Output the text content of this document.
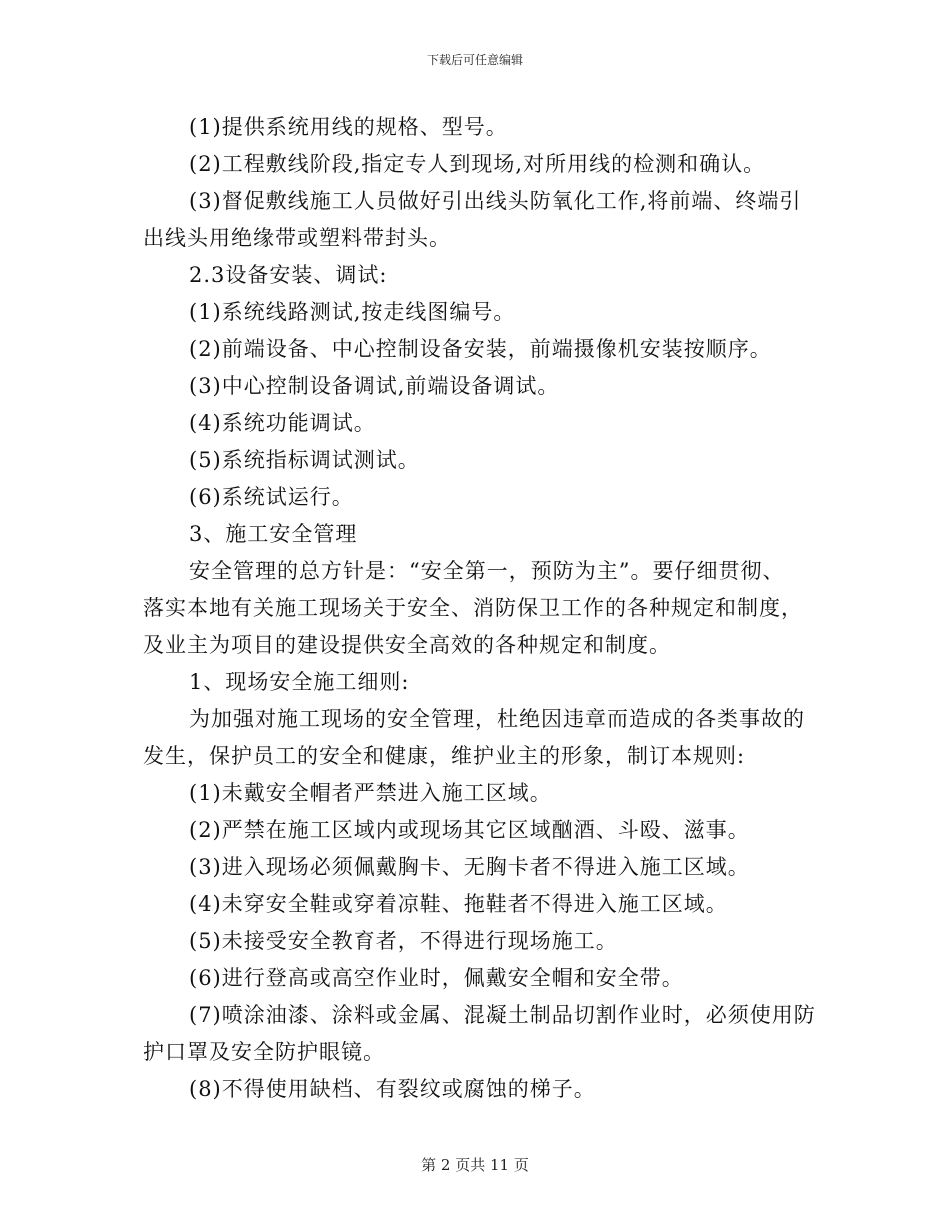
下载后可任意编辑
(1)提供系统用线的规格、型号。
(2)工程敷线阶段,指定专人到现场,对所用线的检测和确认。
(3)督促敷线施工人员做好引出线头防氧化工作,将前端、终端引
出线头用绝缘带或塑料带封头。
2.3设备安装、调试:
(1)系统线路测试,按走线图编号。
(2)前端设备、中心控制设备安装，前端摄像机安装按顺序。
(3)中心控制设备调试,前端设备调试。
(4)系统功能调试。
(5)系统指标调试测试。
(6)系统试运行。
3、施工安全管理
安全管理的总方针是：“安全第一，预防为主”。要仔细贯彻、
落实本地有关施工现场关于安全、消防保卫工作的各种规定和制度，
及业主为项目的建设提供安全高效的各种规定和制度。
1、现场安全施工细则:
为加强对施工现场的安全管理，杜绝因违章而造成的各类事故的
发生，保护员工的安全和健康，维护业主的形象，制订本规则:
(1)未戴安全帽者严禁进入施工区域。
(2)严禁在施工区域内或现场其它区域酗酒、斗殴、滋事。
(3)进入现场必须佩戴胸卡、无胸卡者不得进入施工区域。
(4)未穿安全鞋或穿着凉鞋、拖鞋者不得进入施工区域。
(5)未接受安全教育者，不得进行现场施工。
(6)进行登高或高空作业时，佩戴安全帽和安全带。
(7)喷涂油漆、涂料或金属、混凝土制品切割作业时，必须使用防
护口罩及安全防护眼镜。
(8)不得使用缺档、有裂纹或腐蚀的梯子。
第 2 页共 11 页
